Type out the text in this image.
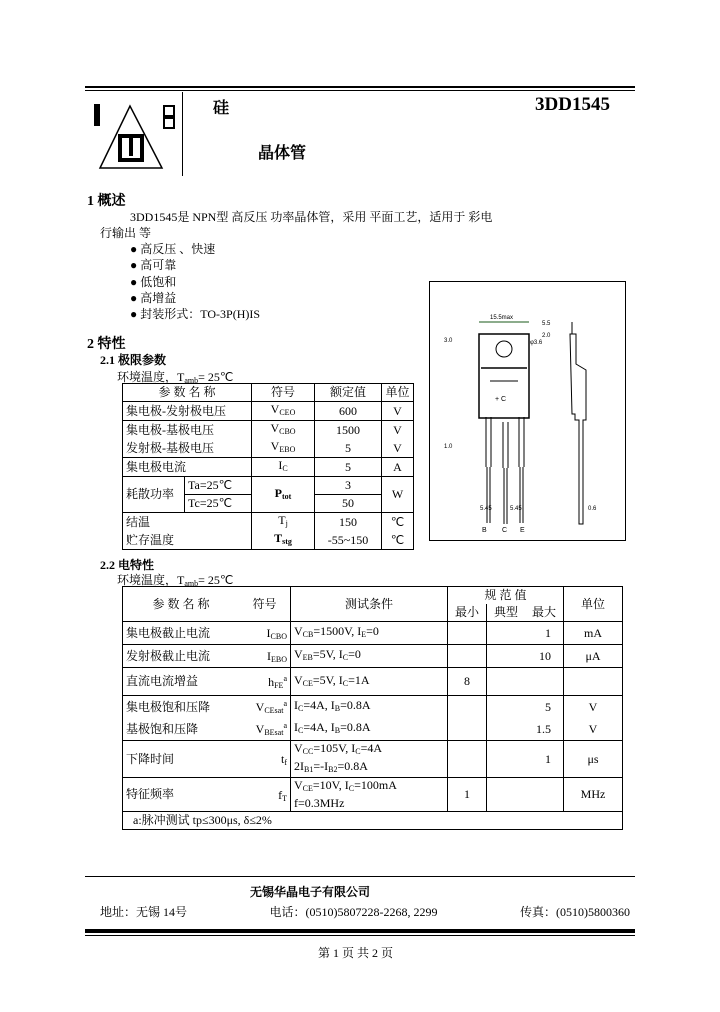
硅
晶体管
3DD1545
1 概述
3DD1545是 NPN型 高反压 功率晶体管，采用 平面工艺，适用于 彩电
行输出 等
● 高反压 、快速
● 高可靠
● 低饱和
● 高增益
● 封装形式：TO-3P(H)IS	15.5max
φ3.6
+ C
5.5
2.0
3.0
1.0
5.45	5.45	0.6
B C E
2 特性
2.1 极限参数
环境温度，$T_{amb}=$ 25℃
参 数 名 称		符号	额定值	单位
集电极-发射极电压		$V_{CEO}$	600	V
集电极-基极电压		$V_{CBO}$	1500	V
发射极-基极电压		$V_{EBO}$	5	V
集电极电流		$I_C$	5	A
耗散功率	Ta=25℃	$P_{tot}$	3	W
	Tc=25℃		50	
结温		$T_j$	150	℃
贮存温度		$T_{stg}$	-55~150	℃
2.2 电特性
环境温度，$T_{amb}=$ 25℃
参 数 名 称	符号	测试条件	规 范 值			单位
			最小	典型	最大	
集电极截止电流	$I_{CBO}$	$V_{CB}=1500V$, $I_E=0$			1	mA
发射极截止电流	$I_{EBO}$	$V_{EB}=5V$, $I_C=0$			10	μA
直流电流增益	$h_{FE}^a$	$V_{CE}=5V$, $I_C=1A$	8			
集电极饱和压降	$V_{CEsat}^a$	$I_C=4A$, $I_B=0.8A$			5	V
基极饱和压降	$V_{BEsat}^a$	$I_C=4A$, $I_B=0.8A$			1.5	V
下降时间	$t_f$	$V_{CC}=105V$, $I_C=4A$
$2I_{B1}=-I_{B2}=0.8A$			1	μs
特征频率	$f_T$	$V_{CE}=10V$, $I_C=100mA$
f=0.3MHz	1			MHz
a:脉冲测试 tp≤300μs, δ≤2%						
无锡华晶电子有限公司
地址：无锡 14号	电话：(0510)5807228-2268, 2299	传真：(0510)5800360
第 1 页 共 2 页
